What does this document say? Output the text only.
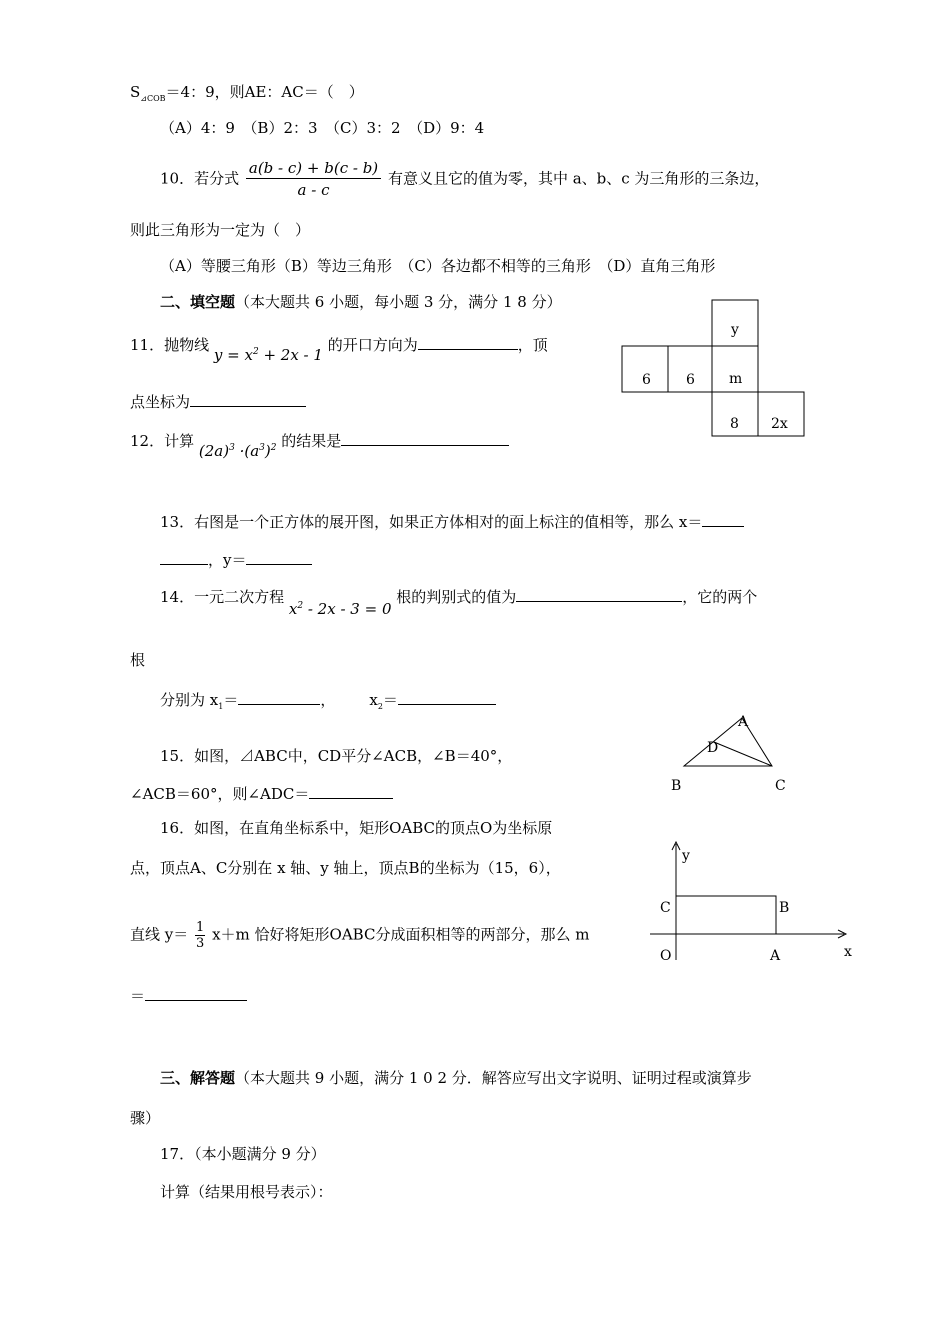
$S_{⊿COB}=4$：9，则AE：AC＝（　）
（A）4：9　（B）2：3　（C）3：2　（D）9：4
10．若分式 $\frac{a(b - c) + b(c - b)}{a - c}$ 有意义且它的值为零，其中 a、b、c 为三角形的三条边，
则此三角形为一定为（　）
（A）等腰三角形（B）等边三角形　（C）各边都不相等的三角形　（D）直角三角形
二、填空题（本大题共 6 小题，每小题 3 分，满分 1 8 分）
11．抛物线 $y = x^2 + 2x - 1$ 的开口方向为	，顶
点坐标为
12．计算 $(2a)^3 \cdot(a^3)^2$ 的结果是
y
6	6 m
8 2x
13．右图是一个正方体的展开图，如果正方体相对的面上标注的值相等，那么 x＝
，y＝
14．一元二次方程 $x^2 - 2x - 3 = 0$ 根的判别式的值为	，它的两个
根
分别为 $x_1=$	， $x_2=$
15．如图，⊿ABC中，CD平分∠ACB，∠B＝40°，
∠ACB＝60°，则∠ADC＝
A
D
B	C
16．如图，在直角坐标系中，矩形OABC的顶点O为坐标原
点，顶点A、C分别在 x 轴、y 轴上，顶点B的坐标为（15，6），
直线 $y= \frac{1}{3} x+m$ 恰好将矩形OABC分成面积相等的两部分，那么 m
＝
y
x
O	A
B
C
三、解答题（本大题共 9 小题，满分 1 0 2 分．解答应写出文字说明、证明过程或演算步
骤）
17．（本小题满分 9 分）
计算（结果用根号表示）：
